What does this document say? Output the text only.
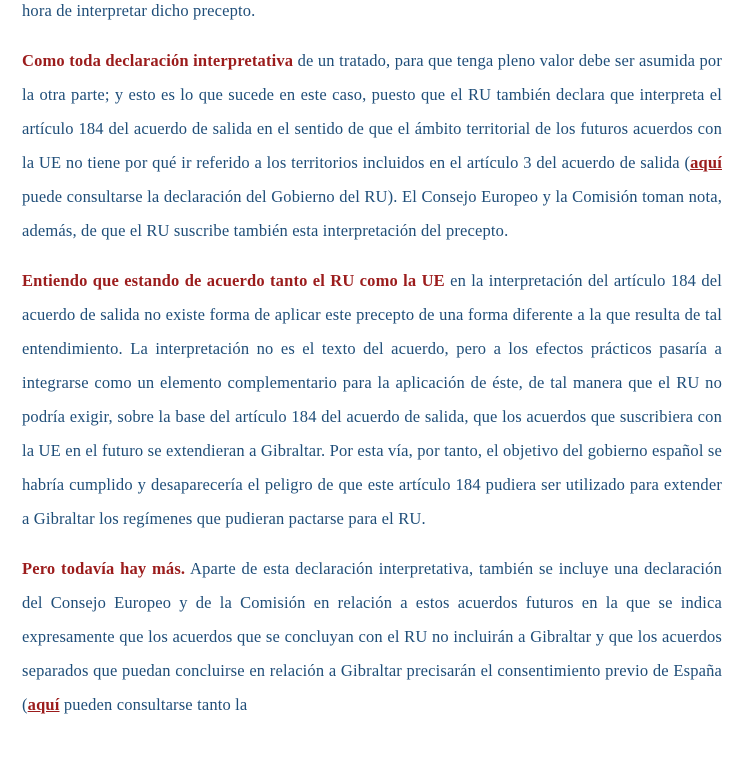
hora de interpretar dicho precepto.
Como toda declaración interpretativa de un tratado, para que tenga pleno valor debe ser asumida por la otra parte; y esto es lo que sucede en este caso, puesto que el RU también declara que interpreta el artículo 184 del acuerdo de salida en el sentido de que el ámbito territorial de los futuros acuerdos con la UE no tiene por qué ir referido a los territorios incluidos en el artículo 3 del acuerdo de salida (aquí puede consultarse la declaración del Gobierno del RU). El Consejo Europeo y la Comisión toman nota, además, de que el RU suscribe también esta interpretación del precepto.
Entiendo que estando de acuerdo tanto el RU como la UE en la interpretación del artículo 184 del acuerdo de salida no existe forma de aplicar este precepto de una forma diferente a la que resulta de tal entendimiento. La interpretación no es el texto del acuerdo, pero a los efectos prácticos pasaría a integrarse como un elemento complementario para la aplicación de éste, de tal manera que el RU no podría exigir, sobre la base del artículo 184 del acuerdo de salida, que los acuerdos que suscribiera con la UE en el futuro se extendieran a Gibraltar. Por esta vía, por tanto, el objetivo del gobierno español se habría cumplido y desaparecería el peligro de que este artículo 184 pudiera ser utilizado para extender a Gibraltar los regímenes que pudieran pactarse para el RU.
Pero todavía hay más. Aparte de esta declaración interpretativa, también se incluye una declaración del Consejo Europeo y de la Comisión en relación a estos acuerdos futuros en la que se indica expresamente que los acuerdos que se concluyan con el RU no incluirán a Gibraltar y que los acuerdos separados que puedan concluirse en relación a Gibraltar precisarán el consentimiento previo de España (aquí pueden consultarse tanto la
